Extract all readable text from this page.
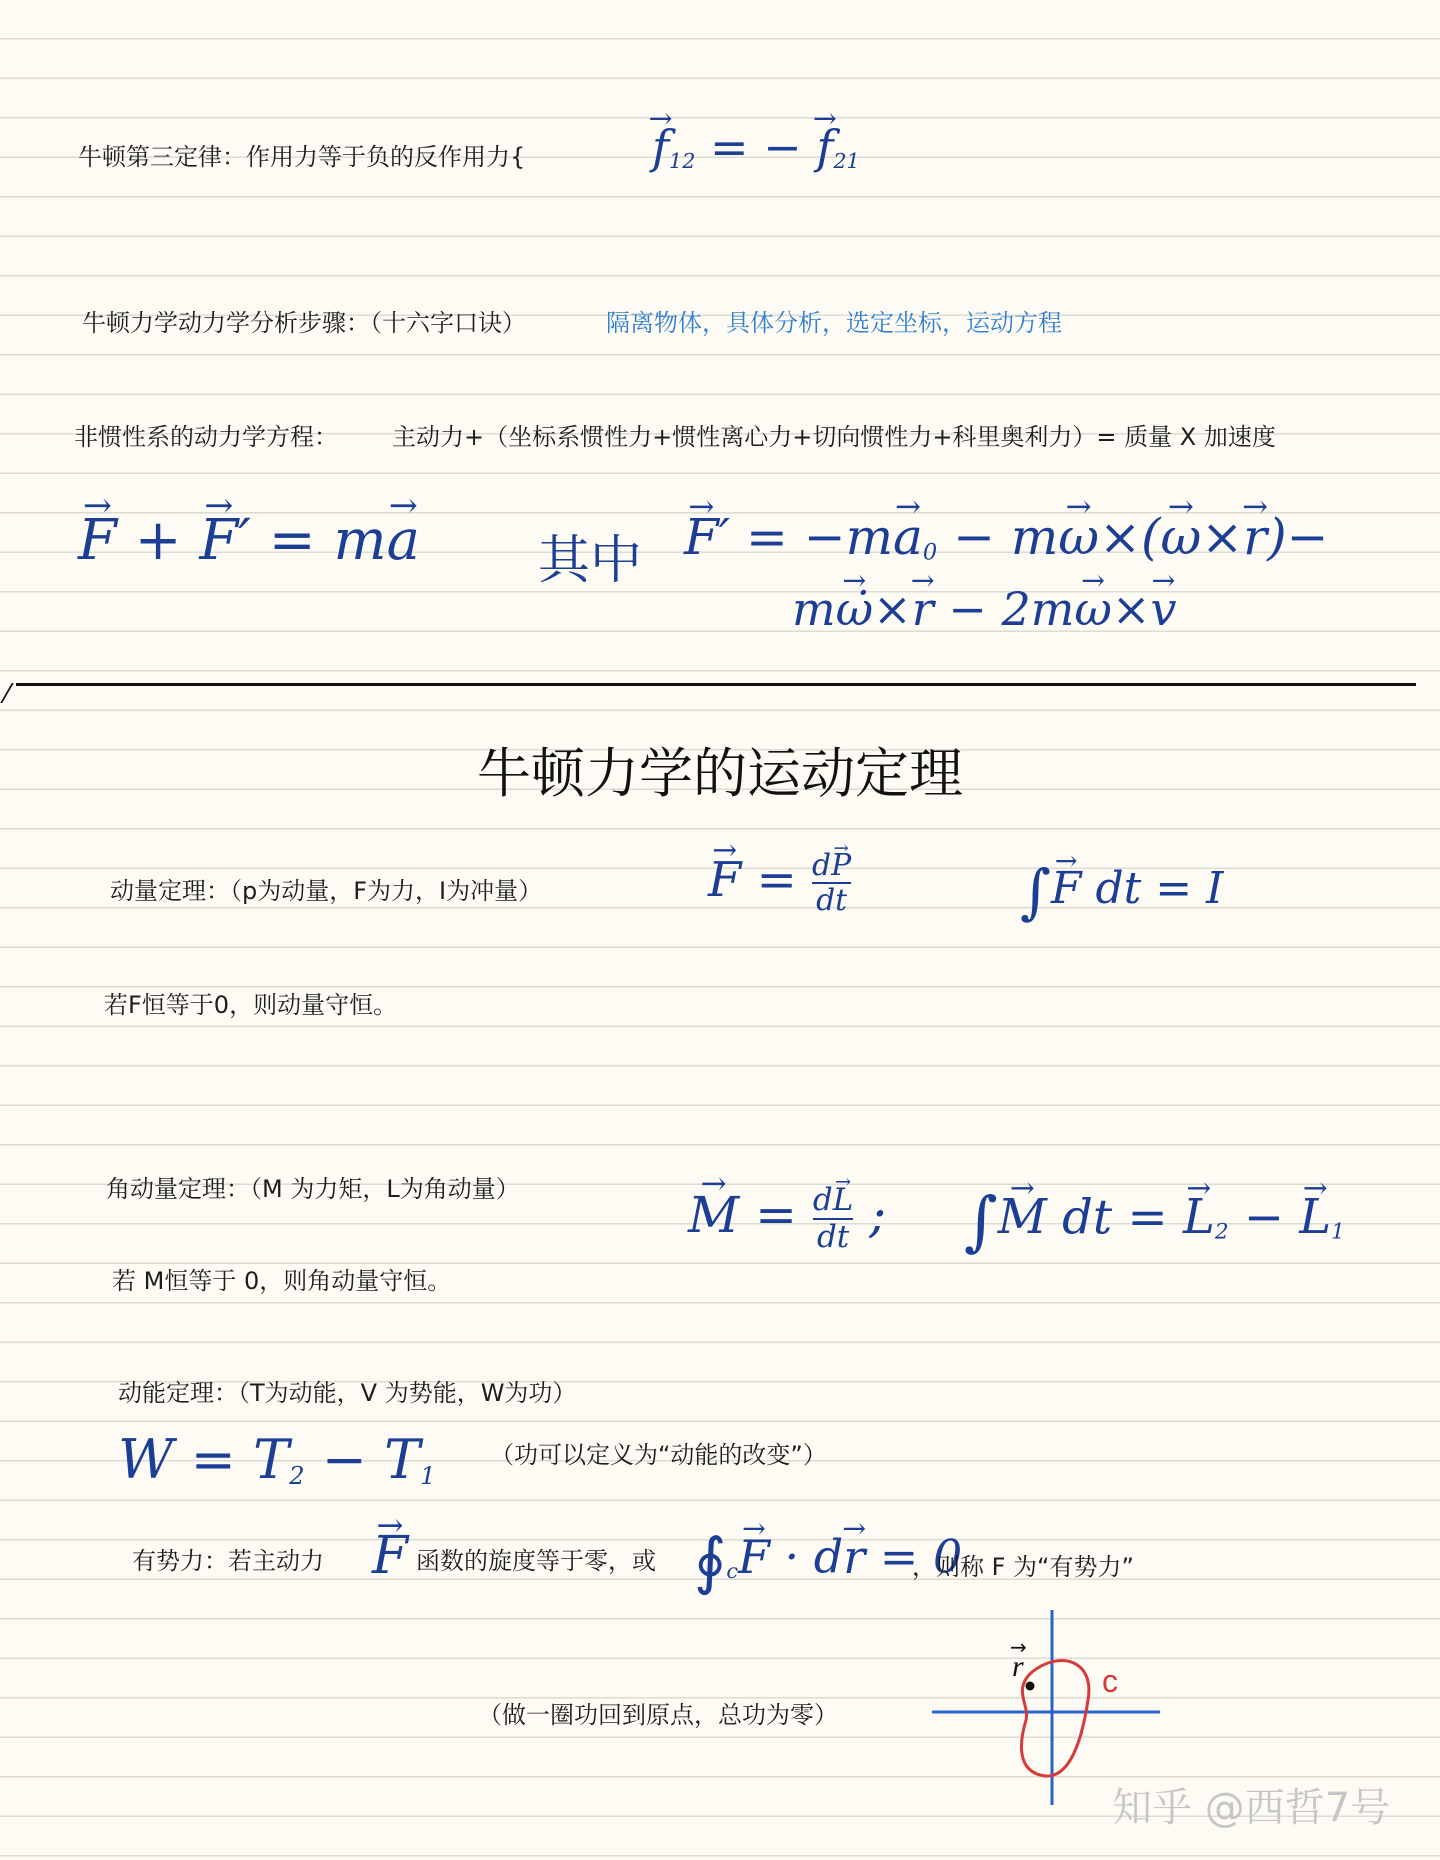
牛顿第三定律：作用力等于负的反作用力{	→ $f_{12}$ = − → $f_{21}$
牛顿力学动力学分析步骤：（十六字口诀）	隔离物体，具体分析，选定坐标，运动方程
非惯性系的动力学方程： 主动力+（坐标系惯性力+惯性离心力+切向惯性力+科里奥利力）= 质量 X 加速度
→ F + → F′ = m→ a 其中 → $F' = -m\to a_0 - m\to \omega\times(\to \omega\times\to r)-$
m→ ω̇×→ r − 2m→ ω×→ v
牛顿力学的运动定理
动量定理：（p为动量，F为力，I为冲量）	→ $F = \frac{d\to P}{dt}$	∫→ F dt = I
若F恒等于0，则动量守恒。
角动量定理：（M 为力矩，L为角动量）	→ $M = \frac{d\to L}{dt}$ ; ∫→ M dt = → $L_2$ − → $L_1$
若 M恒等于 0，则角动量守恒。
动能定理：（T为动能，V 为势能，W为功）
$W = T_2 - T_1$
（功可以定义为“动能的改变”）
有势力：若主动力 → F 函数的旋度等于零，或 $∮_c\to F \cdot d\to r = 0$
，则称 F 为“有势力”
（做一圈功回到原点，总功为零）
r
→
c
知乎 @西哲7号
